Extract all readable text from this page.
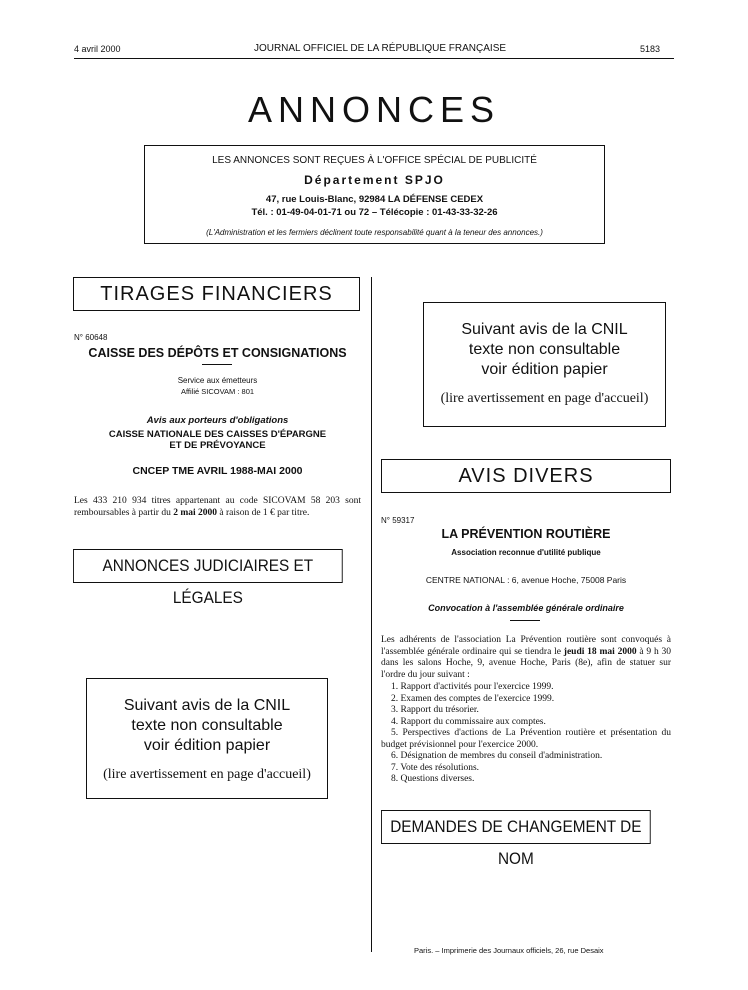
4 avril 2000	JOURNAL OFFICIEL DE LA RÉPUBLIQUE FRANÇAISE	5183
ANNONCES
LES ANNONCES SONT REÇUES À L'OFFICE SPÉCIAL DE PUBLICITÉ
Département SPJO
47, rue Louis-Blanc, 92984 LA DÉFENSE CEDEX
Tél. : 01-49-04-01-71 ou 72 – Télécopie : 01-43-33-32-26
(L'Administration et les fermiers déclinent toute responsabilité quant à la teneur des annonces.)
TIRAGES FINANCIERS
N° 60648
CAISSE DES DÉPÔTS ET CONSIGNATIONS
Service aux émetteurs
Affilié SICOVAM : 801
Avis aux porteurs d'obligations
CAISSE NATIONALE DES CAISSES D'ÉPARGNE
ET DE PRÉVOYANCE
CNCEP TME AVRIL 1988-MAI 2000
Les 433 210 934 titres appartenant au code SICOVAM 58 203 sont remboursables à partir du 2 mai 2000 à raison de 1 € par titre.
ANNONCES JUDICIAIRES ET LÉGALES
Suivant avis de la CNIL
texte non consultable
voir édition papier
(lire avertissement en page d'accueil)
Suivant avis de la CNIL
texte non consultable
voir édition papier
(lire avertissement en page d'accueil)
AVIS DIVERS
N° 59317
LA PRÉVENTION ROUTIÈRE
Association reconnue d'utilité publique
CENTRE NATIONAL : 6, avenue Hoche, 75008 Paris
Convocation à l'assemblée générale ordinaire
Les adhérents de l'association La Prévention routière sont convoqués à l'assemblée générale ordinaire qui se tiendra le jeudi 18 mai 2000 à 9 h 30 dans les salons Hoche, 9, avenue Hoche, Paris (8e), afin de statuer sur l'ordre du jour suivant :
1. Rapport d'activités pour l'exercice 1999.
2. Examen des comptes de l'exercice 1999.
3. Rapport du trésorier.
4. Rapport du commissaire aux comptes.
5. Perspectives d'actions de La Prévention routière et présentation du budget prévisionnel pour l'exercice 2000.
6. Désignation de membres du conseil d'administration.
7. Vote des résolutions.
8. Questions diverses.
DEMANDES DE CHANGEMENT DE NOM
Paris. – Imprimerie des Journaux officiels, 26, rue Desaix
